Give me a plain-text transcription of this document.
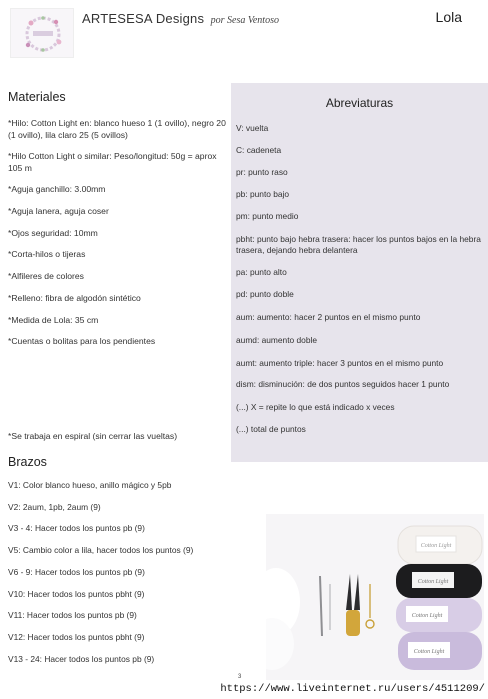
ARTESESA Designs por Sesa Ventoso	Lola
Materiales
*Hilo: Cotton Light en: blanco hueso 1 (1 ovillo), negro 20 (1 ovillo), lila claro 25 (5 ovillos)
*Hilo Cotton Light o similar: Peso/longitud: 50g = aprox 105 m
*Aguja ganchillo: 3.00mm
*Aguja lanera, aguja coser
*Ojos seguridad: 10mm
*Corta-hilos o tijeras
*Alfileres de colores
*Relleno: fibra de algodón sintético
*Medida de Lola: 35 cm
*Cuentas o bolitas para los pendientes
*Se trabaja en espiral (sin cerrar las vueltas)
Abreviaturas
V: vuelta
C: cadeneta
pr: punto raso
pb: punto bajo
pm: punto medio
pbht: punto bajo hebra trasera: hacer los puntos bajos en la hebra trasera, dejando hebra delantera
pa: punto alto
pd: punto doble
aum: aumento: hacer 2 puntos en el mismo punto
aumd: aumento doble
aumt: aumento triple: hacer 3 puntos en el mismo punto
dism: disminución: de dos puntos seguidos hacer 1 punto
(...) X = repite lo que está indicado x veces
(...) total de puntos
Brazos
V1: Color blanco hueso, anillo mágico y 5pb
V2: 2aum, 1pb, 2aum (9)
V3 - 4: Hacer todos los puntos pb (9)
V5: Cambio color a lila, hacer todos los puntos (9)
V6 - 9: Hacer todos los puntos pb (9)
V10: Hacer todos los puntos pbht (9)
V11: Hacer todos los puntos pb (9)
V12: Hacer todos los puntos pbht (9)
V13 - 24: Hacer todos los puntos pb (9)
Cotton Light
Cotton Light
Cotton Light
Cotton Light
3
https://www.liveinternet.ru/users/4511209/
